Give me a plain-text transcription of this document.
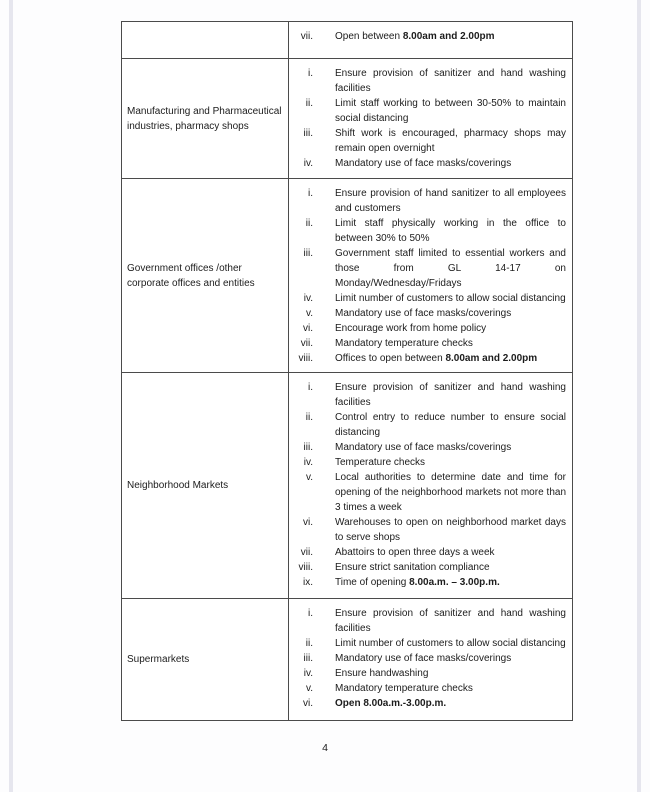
vii. Open between 8.00am and 2.00pm
Manufacturing and Pharmaceutical
industries, pharmacy shops
i. Ensure provision of sanitizer and hand washing facilities
ii. Limit staff working to between 30-50% to maintain social distancing
iii. Shift work is encouraged, pharmacy shops may remain open overnight
iv. Mandatory use of face masks/coverings
Government offices /other
corporate offices and entities
i. Ensure provision of hand sanitizer to all employees and customers
ii. Limit staff physically working in the office to between 30% to 50%
iii. Government staff limited to essential workers and those from GL 14-17 on Monday/Wednesday/Fridays
iv. Limit number of customers to allow social distancing
v. Mandatory use of face masks/coverings
vi. Encourage work from home policy
vii. Mandatory temperature checks
viii. Offices to open between 8.00am and 2.00pm
Neighborhood Markets
i. Ensure provision of sanitizer and hand washing facilities
ii. Control entry to reduce number to ensure social distancing
iii. Mandatory use of face masks/coverings
iv. Temperature checks
v. Local authorities to determine date and time for opening of the neighborhood markets not more than 3 times a week
vi. Warehouses to open on neighborhood market days to serve shops
vii. Abattoirs to open three days a week
viii. Ensure strict sanitation compliance
ix. Time of opening 8.00a.m. – 3.00p.m.
Supermarkets
i. Ensure provision of sanitizer and hand washing facilities
ii. Limit number of customers to allow social distancing
iii. Mandatory use of face masks/coverings
iv. Ensure handwashing
v. Mandatory temperature checks
vi. Open 8.00a.m.-3.00p.m.
4
